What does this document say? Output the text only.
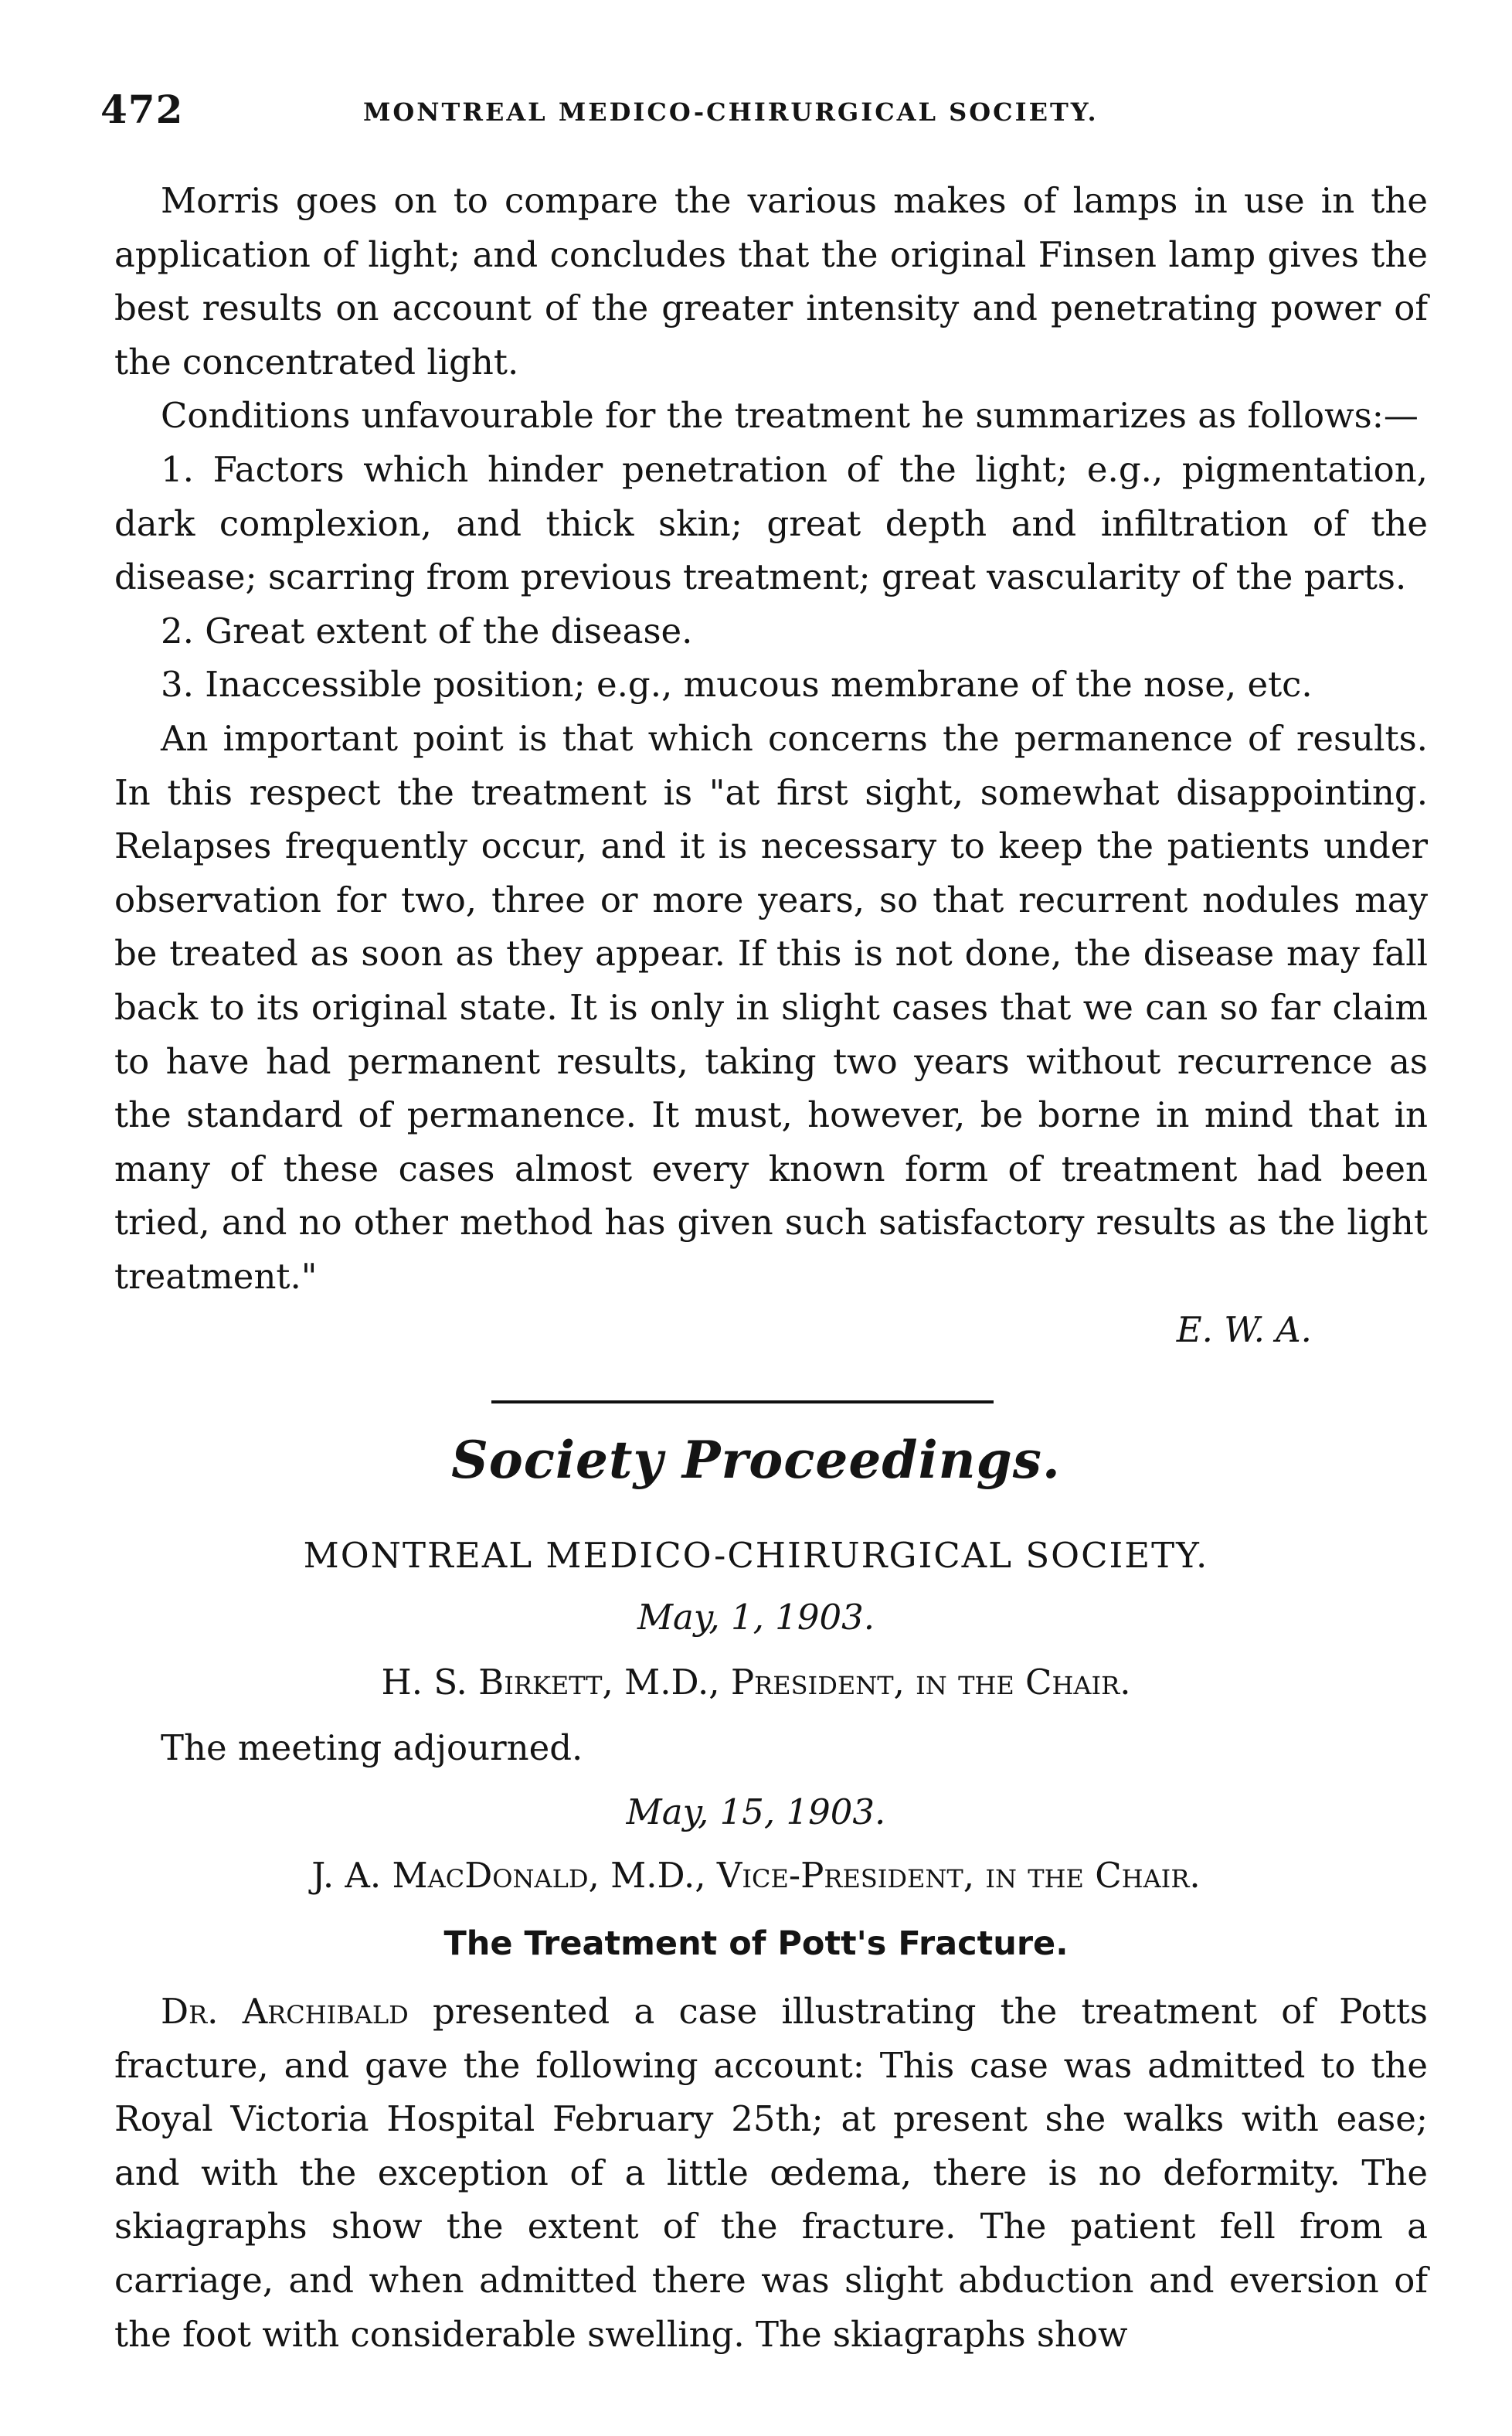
472	MONTREAL MEDICO-CHIRURGICAL SOCIETY.

Morris goes on to compare the various makes of lamps in use in the application of light; and concludes that the original Finsen lamp gives the best results on account of the greater intensity and penetrating power of the concentrated light.

Conditions unfavourable for the treatment he summarizes as follows:—

1. Factors which hinder penetration of the light; e.g., pigmentation, dark complexion, and thick skin; great depth and infiltration of the disease; scarring from previous treatment; great vascularity of the parts.

2. Great extent of the disease.

3. Inaccessible position; e.g., mucous membrane of the nose, etc.

An important point is that which concerns the permanence of results. In this respect the treatment is "at first sight, somewhat disappointing. Relapses frequently occur, and it is necessary to keep the patients under observation for two, three or more years, so that recurrent nodules may be treated as soon as they appear. If this is not done, the disease may fall back to its original state. It is only in slight cases that we can so far claim to have had permanent results, taking two years without recurrence as the standard of permanence. It must, however, be borne in mind that in many of these cases almost every known form of treatment had been tried, and no other method has given such satisfactory results as the light treatment."

E. W. A.

Society Proceedings.
MONTREAL MEDICO-CHIRURGICAL SOCIETY.
May, 1, 1903.
H. S. Birkett, M.D., President, in the Chair.
The meeting adjourned.
May, 15, 1903.
J. A. MacDonald, M.D., Vice-President, in the Chair.
The Treatment of Pott's Fracture.

Dr. Archibald presented a case illustrating the treatment of Potts fracture, and gave the following account: This case was admitted to the Royal Victoria Hospital February 25th; at present she walks with ease; and with the exception of a little œdema, there is no deformity. The skiagraphs show the extent of the fracture. The patient fell from a carriage, and when admitted there was slight abduction and eversion of the foot with considerable swelling. The skiagraphs show
